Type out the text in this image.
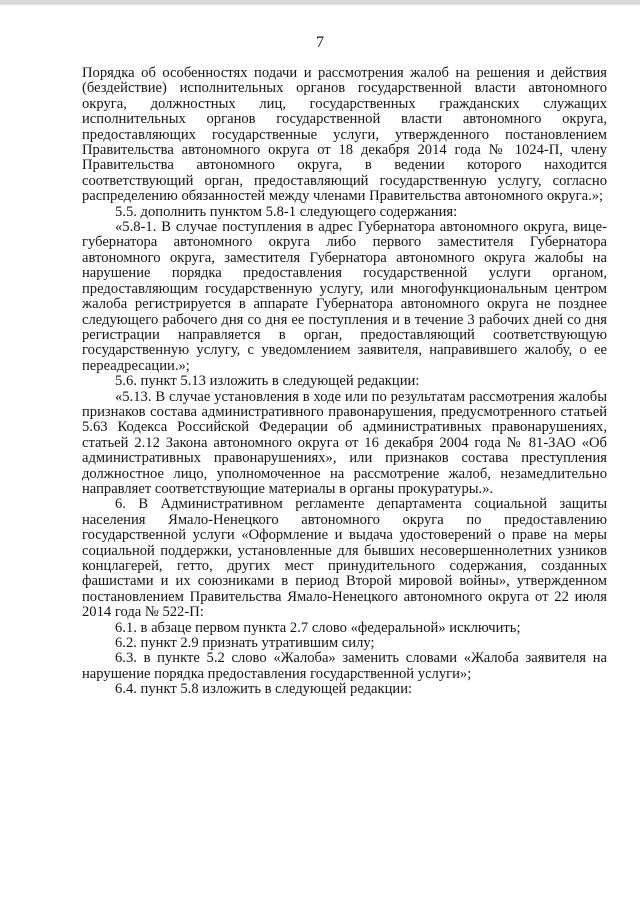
7

Порядка об особенностях подачи и рассмотрения жалоб на решения и действия (бездействие) исполнительных органов государственной власти автономного округа, должностных лиц, государственных гражданских служащих исполнительных органов государственной власти автономного округа, предоставляющих государственные услуги, утвержденного постановлением Правительства автономного округа от 18 декабря 2014 года № 1024-П, члену Правительства автономного округа, в ведении которого находится соответствующий орган, предоставляющий государственную услугу, согласно распределению обязанностей между членами Правительства автономного округа.»;

5.5. дополнить пунктом 5.8-1 следующего содержания:

«5.8-1. В случае поступления в адрес Губернатора автономного округа, вице-губернатора автономного округа либо первого заместителя Губернатора автономного округа, заместителя Губернатора автономного округа жалобы на нарушение порядка предоставления государственной услуги органом, предоставляющим государственную услугу, или многофункциональным центром жалоба регистрируется в аппарате Губернатора автономного округа не позднее следующего рабочего дня со дня ее поступления и в течение 3 рабочих дней со дня регистрации направляется в орган, предоставляющий соответствующую государственную услугу, с уведомлением заявителя, направившего жалобу, о ее переадресации.»;

5.6. пункт 5.13 изложить в следующей редакции:

«5.13. В случае установления в ходе или по результатам рассмотрения жалобы признаков состава административного правонарушения, предусмотренного статьей 5.63 Кодекса Российской Федерации об административных правонарушениях, статьей 2.12 Закона автономного округа от 16 декабря 2004 года № 81-ЗАО «Об административных правонарушениях», или признаков состава преступления должностное лицо, уполномоченное на рассмотрение жалоб, незамедлительно направляет соответствующие материалы в органы прокуратуры.».

6. В Административном регламенте департамента социальной защиты населения Ямало-Ненецкого автономного округа по предоставлению государственной услуги «Оформление и выдача удостоверений о праве на меры социальной поддержки, установленные для бывших несовершеннолетних узников концлагерей, гетто, других мест принудительного содержания, созданных фашистами и их союзниками в период Второй мировой войны», утвержденном постановлением Правительства Ямало-Ненецкого автономного округа от 22 июля 2014 года № 522-П:

6.1. в абзаце первом пункта 2.7 слово «федеральной» исключить;

6.2. пункт 2.9 признать утратившим силу;

6.3. в пункте 5.2 слово «Жалоба» заменить словами «Жалоба заявителя на нарушение порядка предоставления государственной услуги»;

6.4. пункт 5.8 изложить в следующей редакции:
